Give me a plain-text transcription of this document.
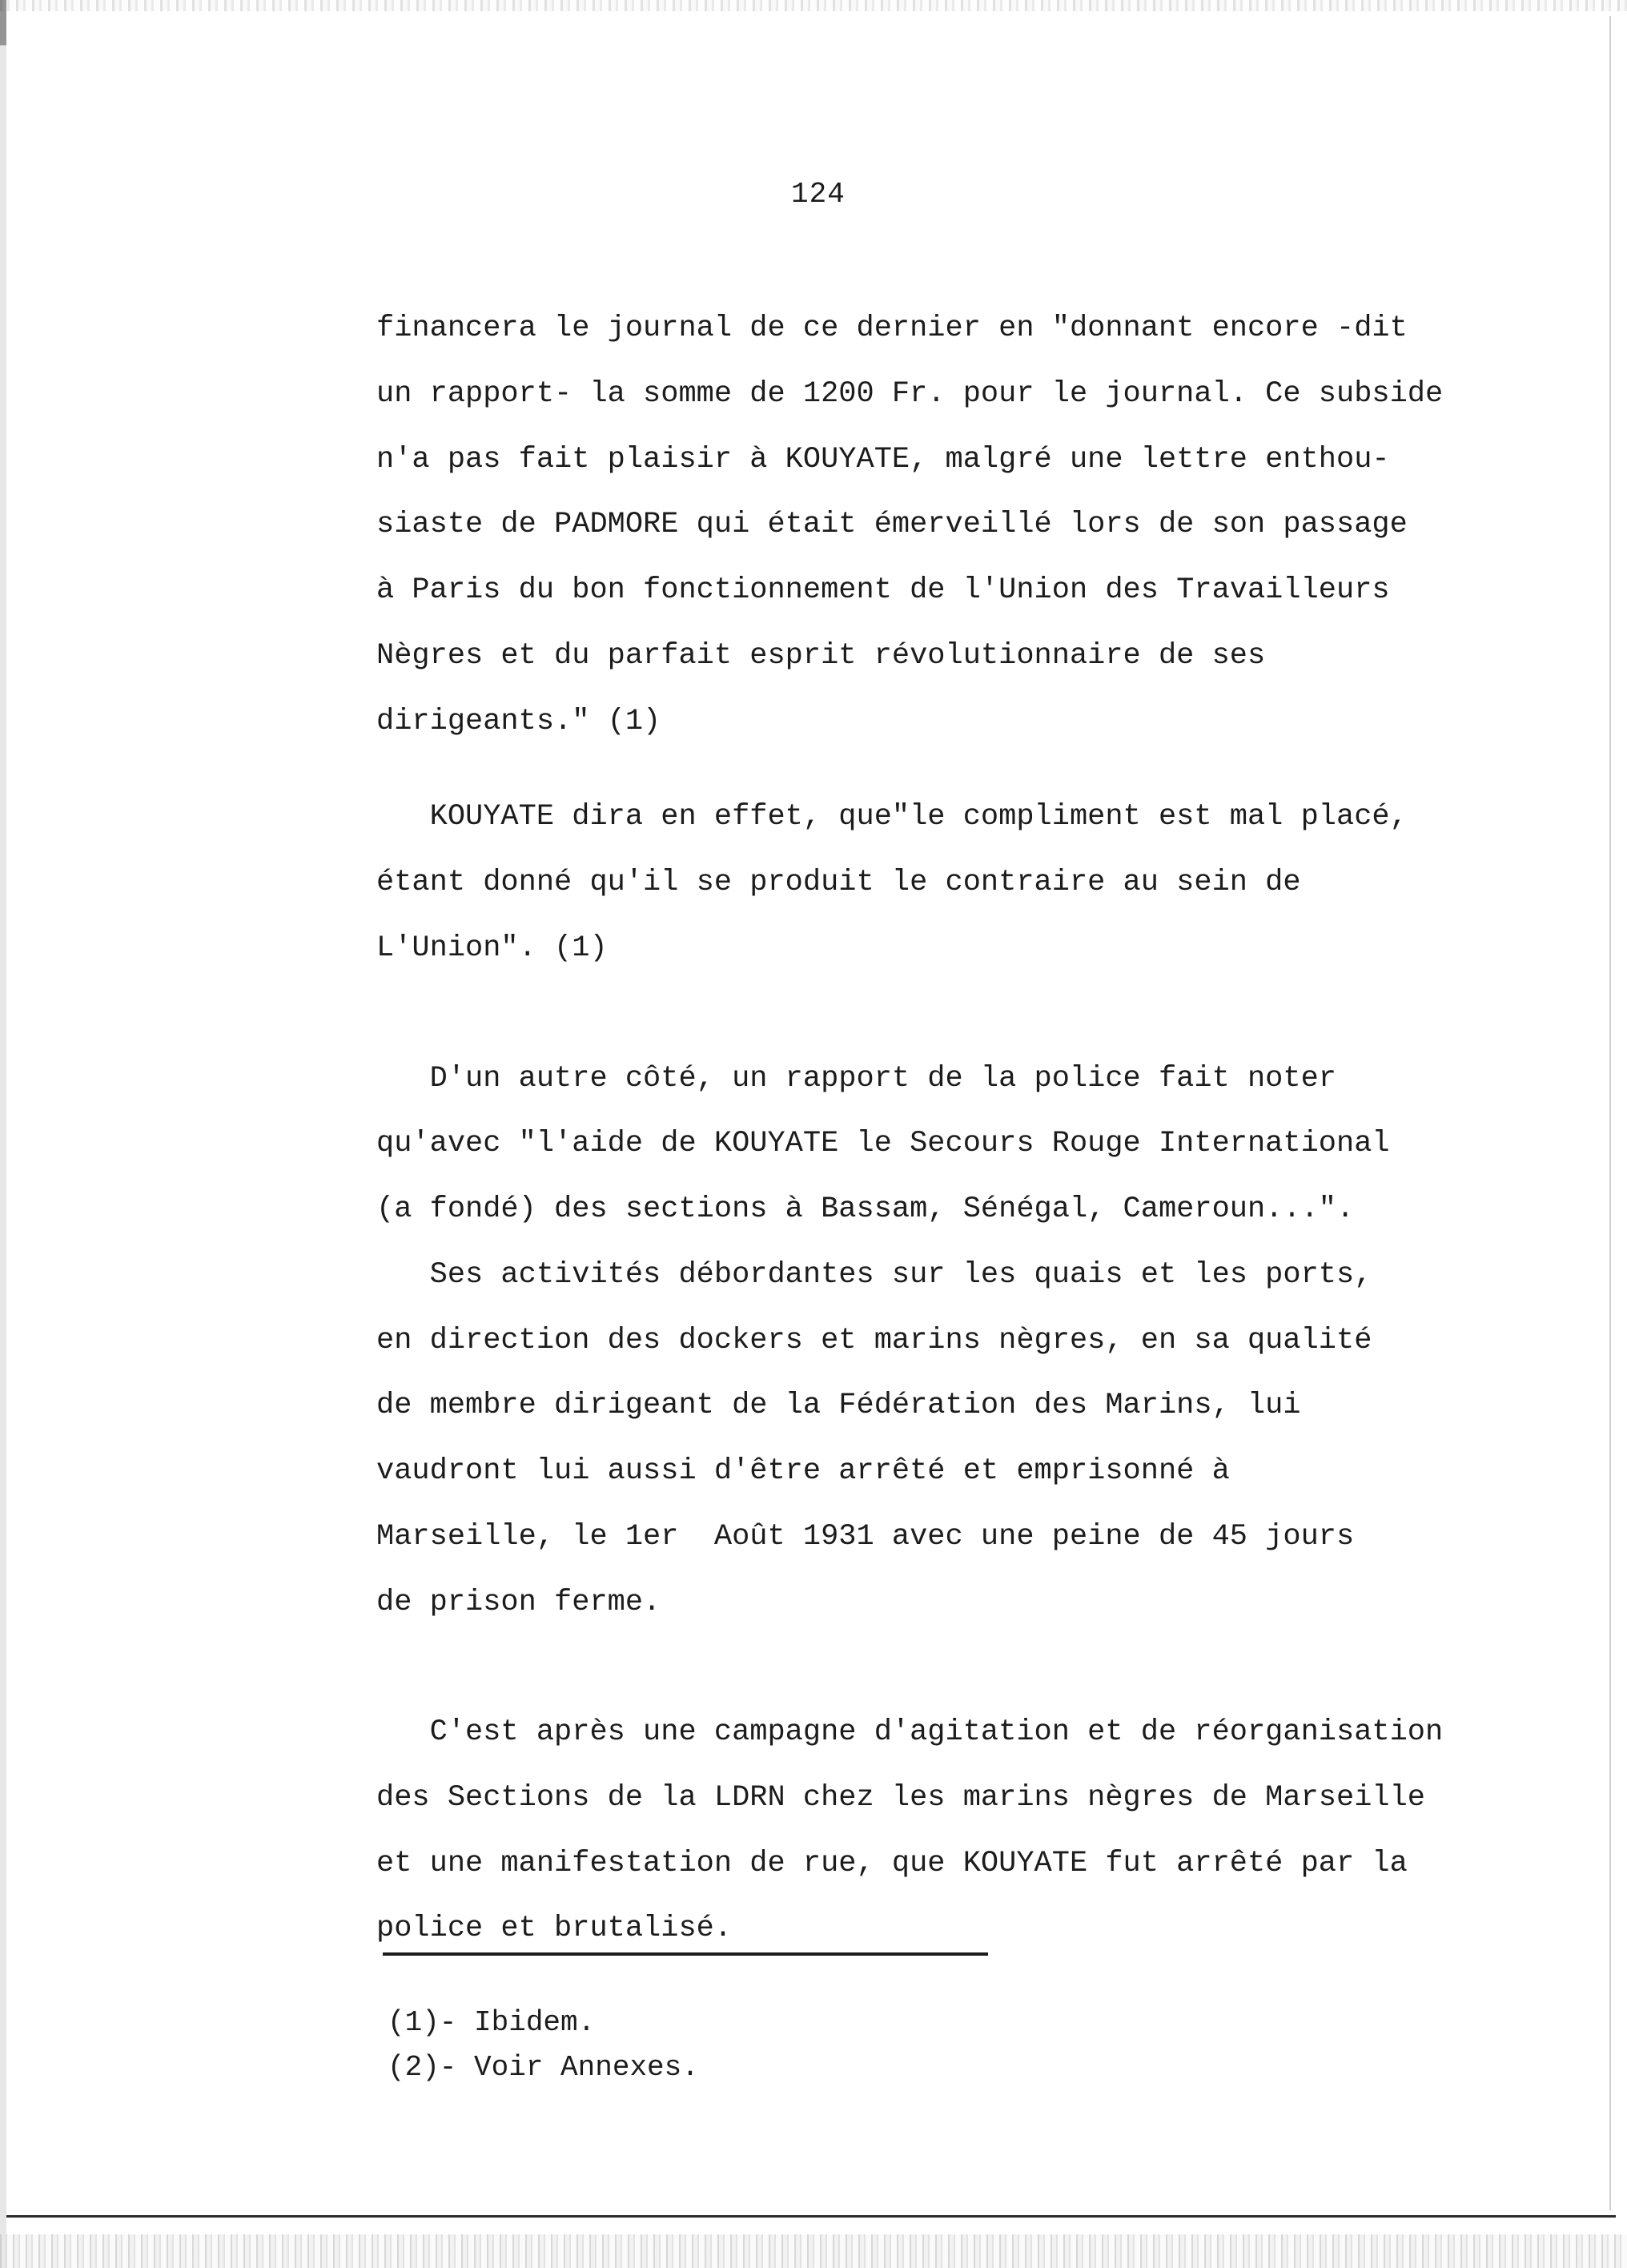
124
financera le journal de ce dernier en "donnant encore -dit
un rapport- la somme de 1200 Fr. pour le journal. Ce subside
n'a pas fait plaisir à KOUYATE, malgré une lettre enthou-
siaste de PADMORE qui était émerveillé lors de son passage
à Paris du bon fonctionnement de l'Union des Travailleurs
Nègres et du parfait esprit révolutionnaire de ses
dirigeants." (1)
KOUYATE dira en effet, que"le compliment est mal placé,
étant donné qu'il se produit le contraire au sein de
L'Union". (1)
D'un autre côté, un rapport de la police fait noter
qu'avec "l'aide de KOUYATE le Secours Rouge International
(a fondé) des sections à Bassam, Sénégal, Cameroun...".
Ses activités débordantes sur les quais et les ports,
en direction des dockers et marins nègres, en sa qualité
de membre dirigeant de la Fédération des Marins, lui
vaudront lui aussi d'être arrêté et emprisonné à
Marseille, le 1er  Août 1931 avec une peine de 45 jours
de prison ferme.
C'est après une campagne d'agitation et de réorganisation
des Sections de la LDRN chez les marins nègres de Marseille
et une manifestation de rue, que KOUYATE fut arrêté par la
police et brutalisé.
(1)- Ibidem.
(2)- Voir Annexes.
